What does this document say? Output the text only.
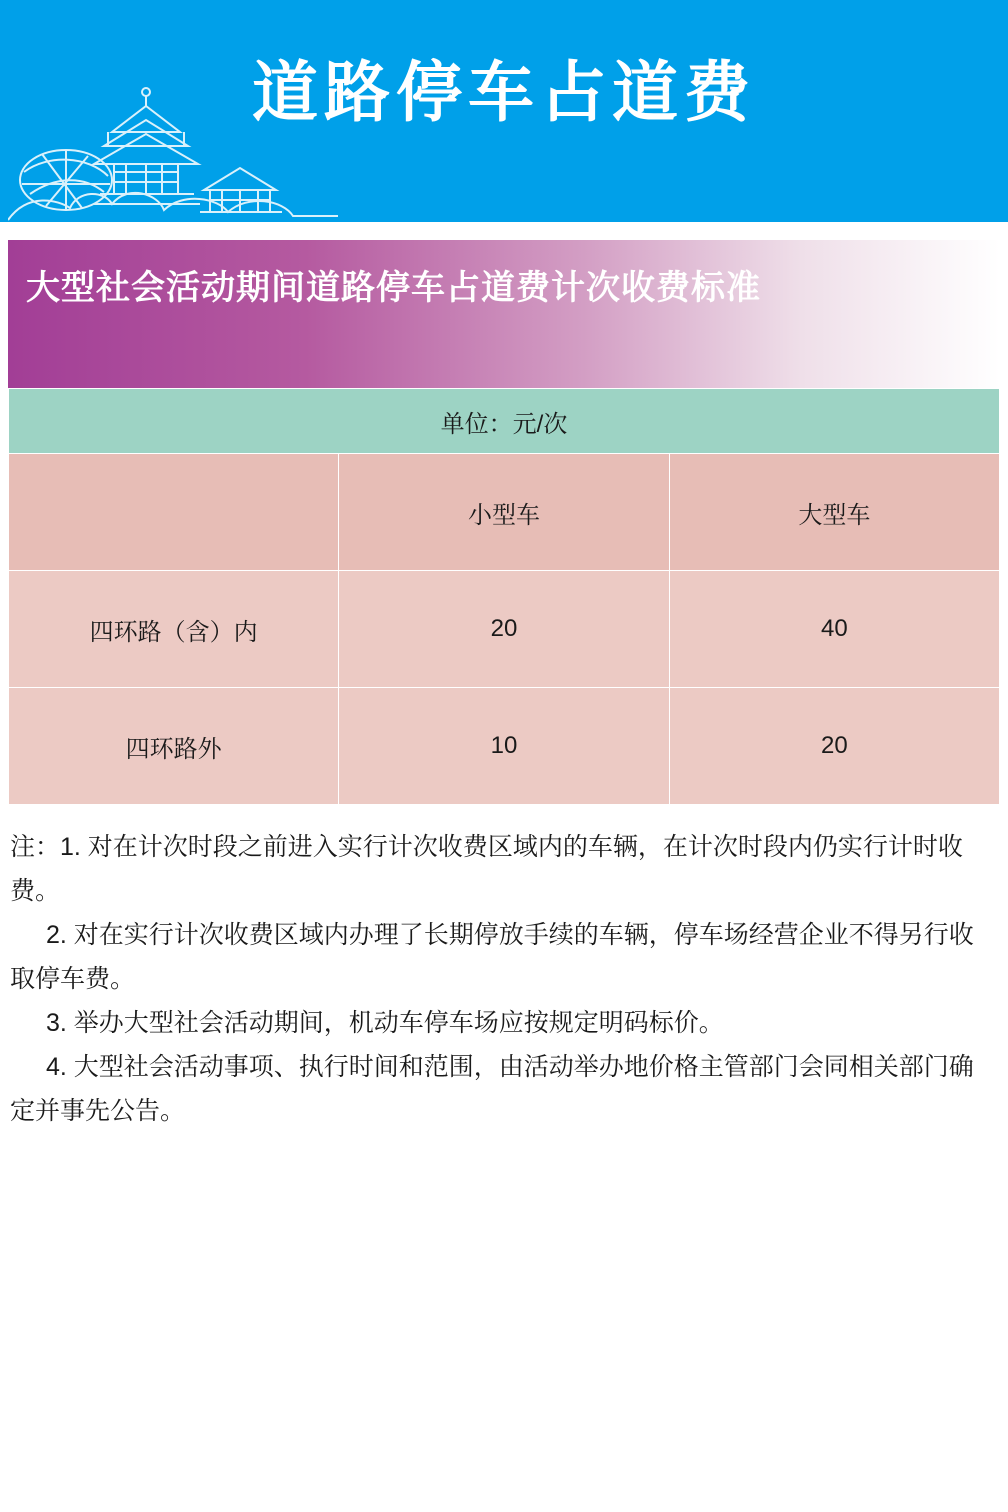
道路停车占道费
大型社会活动期间道路停车占道费计次收费标准
单位：元/次		
	小型车	大型车
四环路（含）内	20	40
四环路外	10	20
注：1. 对在计次时段之前进入实行计次收费区域内的车辆，在计次时段内仍实行计时收费。
2. 对在实行计次收费区域内办理了长期停放手续的车辆，停车场经营企业不得另行收取停车费。
3. 举办大型社会活动期间，机动车停车场应按规定明码标价。
4. 大型社会活动事项、执行时间和范围，由活动举办地价格主管部门会同相关部门确定并事先公告。
